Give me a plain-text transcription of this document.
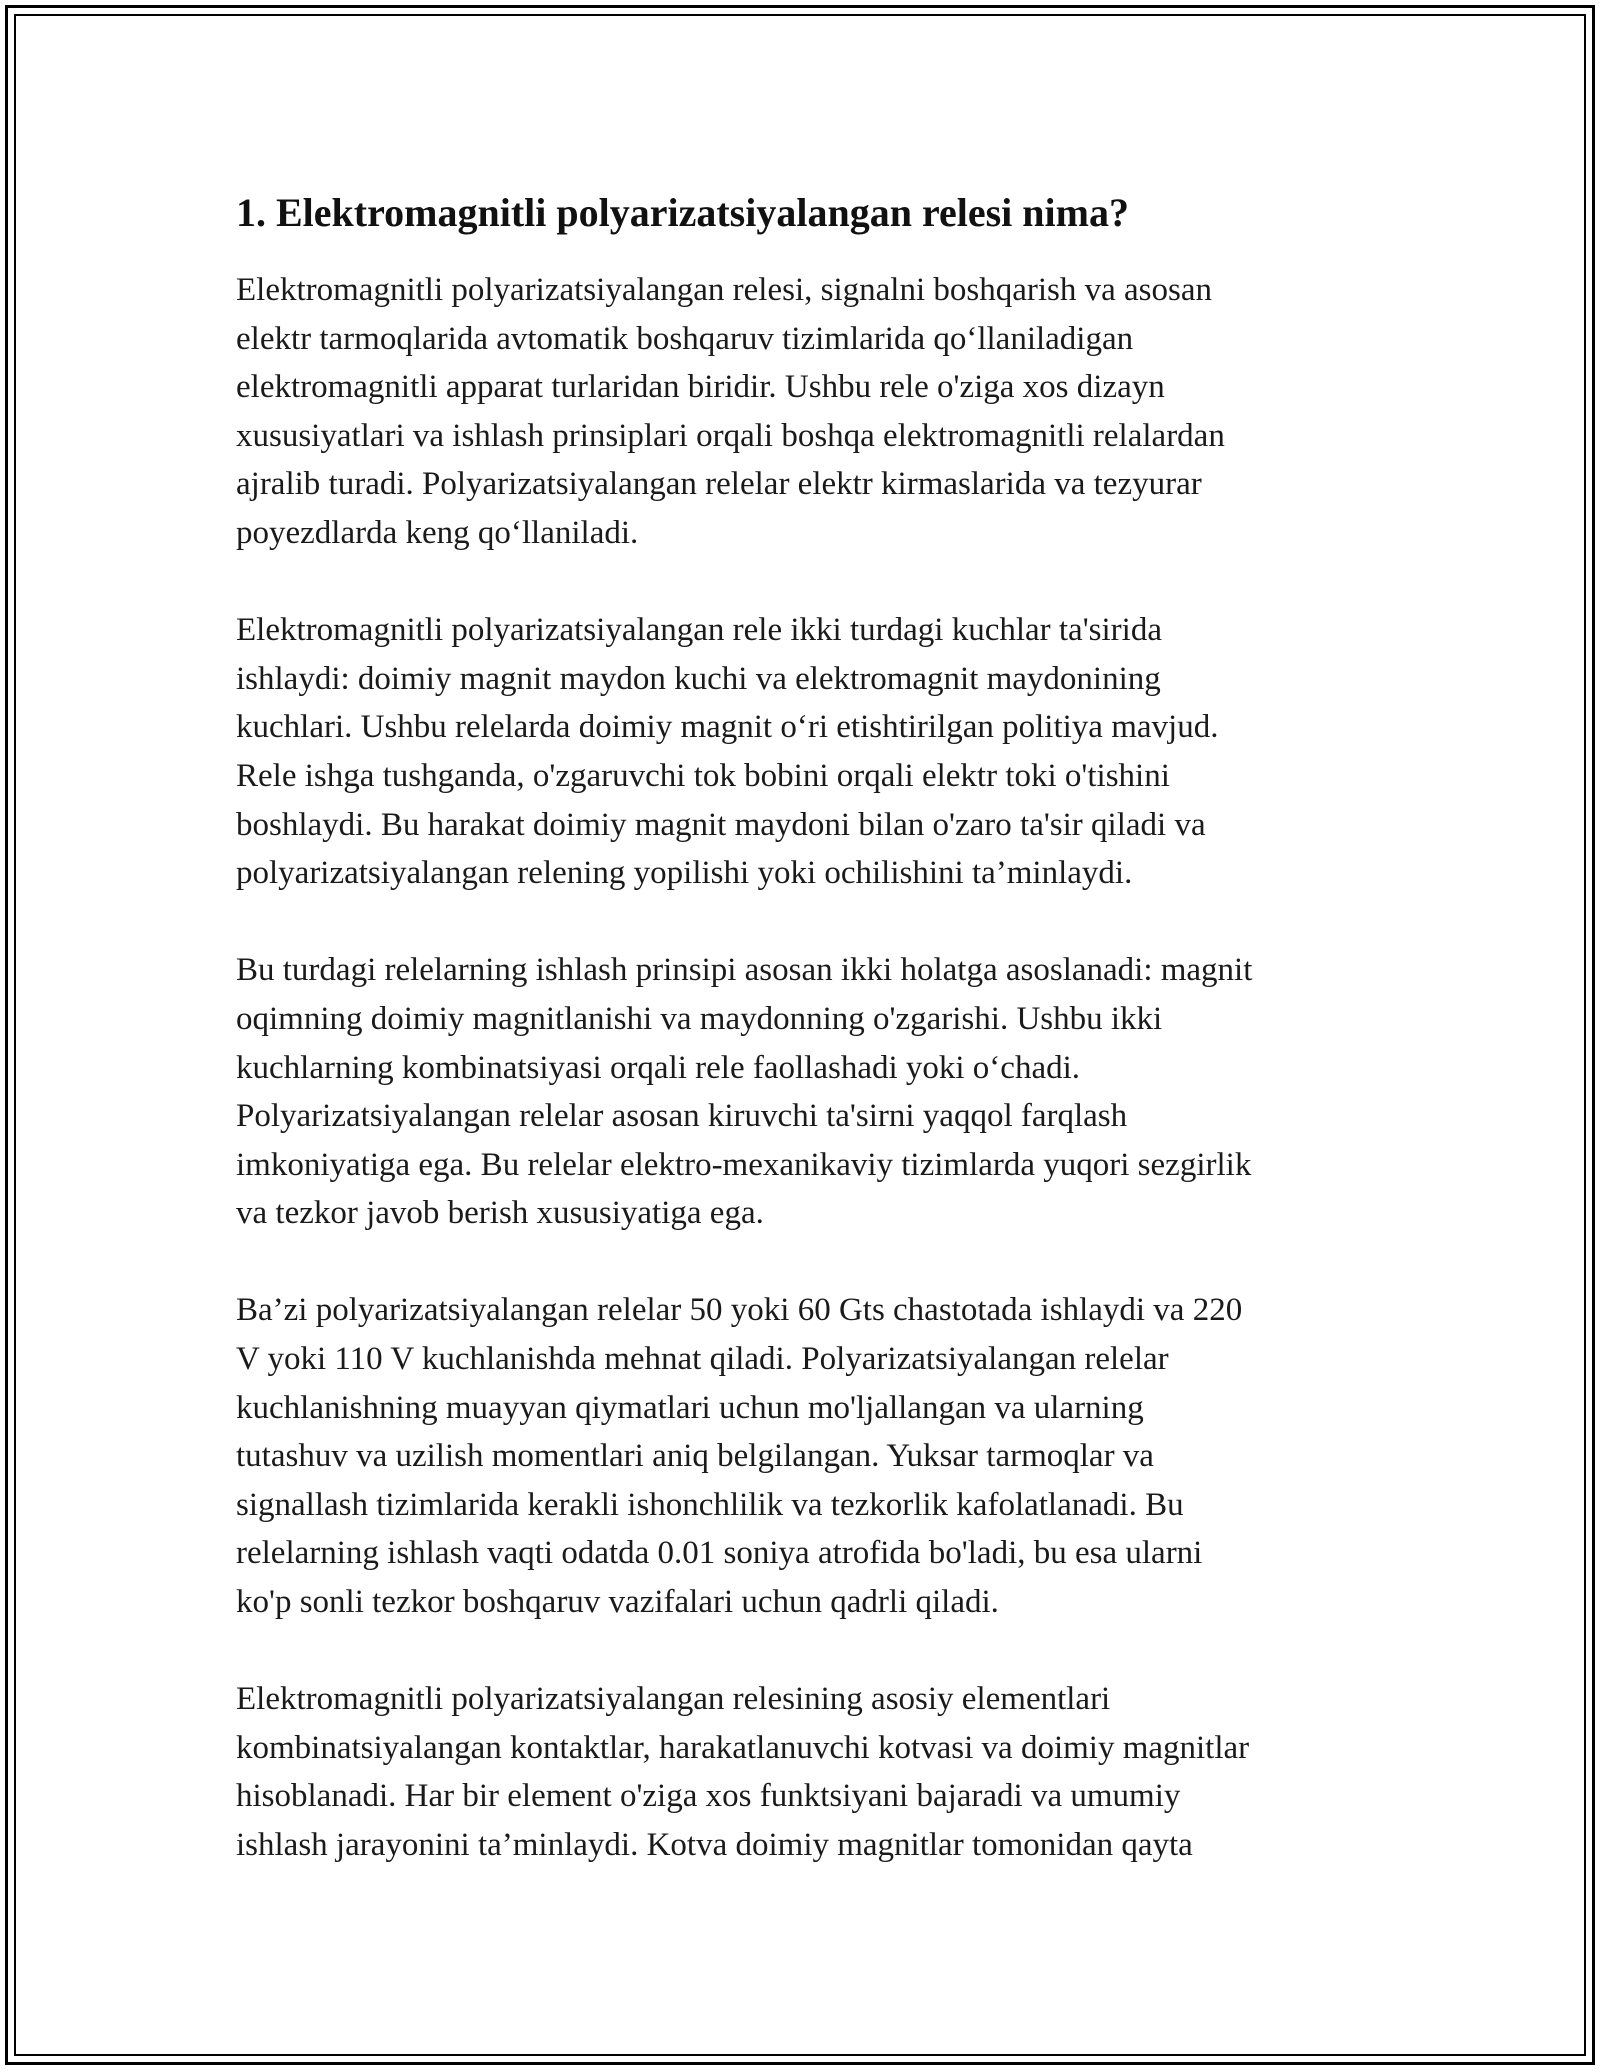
1. Elektromagnitli polyarizatsiyalangan relesi nima?

Elektromagnitli polyarizatsiyalangan relesi, signalni boshqarish va asosan
elektr tarmoqlarida avtomatik boshqaruv tizimlarida qo‘llaniladigan
elektromagnitli apparat turlaridan biridir. Ushbu rele o'ziga xos dizayn
xususiyatlari va ishlash prinsiplari orqali boshqa elektromagnitli relalardan
ajralib turadi. Polyarizatsiyalangan relelar elektr kirmaslarida va tezyurar
poyezdlarda keng qo‘llaniladi.

Elektromagnitli polyarizatsiyalangan rele ikki turdagi kuchlar ta'sirida
ishlaydi: doimiy magnit maydon kuchi va elektromagnit maydonining
kuchlari. Ushbu relelarda doimiy magnit o‘ri etishtirilgan politiya mavjud.
Rele ishga tushganda, o'zgaruvchi tok bobini orqali elektr toki o'tishini
boshlaydi. Bu harakat doimiy magnit maydoni bilan o'zaro ta'sir qiladi va
polyarizatsiyalangan relening yopilishi yoki ochilishini ta’minlaydi.

Bu turdagi relelarning ishlash prinsipi asosan ikki holatga asoslanadi: magnit
oqimning doimiy magnitlanishi va maydonning o'zgarishi. Ushbu ikki
kuchlarning kombinatsiyasi orqali rele faollashadi yoki o‘chadi.
Polyarizatsiyalangan relelar asosan kiruvchi ta'sirni yaqqol farqlash
imkoniyatiga ega. Bu relelar elektro-mexanikaviy tizimlarda yuqori sezgirlik
va tezkor javob berish xususiyatiga ega.

Ba’zi polyarizatsiyalangan relelar 50 yoki 60 Gts chastotada ishlaydi va 220
V yoki 110 V kuchlanishda mehnat qiladi. Polyarizatsiyalangan relelar
kuchlanishning muayyan qiymatlari uchun mo'ljallangan va ularning
tutashuv va uzilish momentlari aniq belgilangan. Yuksar tarmoqlar va
signallash tizimlarida kerakli ishonchlilik va tezkorlik kafolatlanadi. Bu
relelarning ishlash vaqti odatda 0.01 soniya atrofida bo'ladi, bu esa ularni
ko'p sonli tezkor boshqaruv vazifalari uchun qadrli qiladi.

Elektromagnitli polyarizatsiyalangan relesining asosiy elementlari
kombinatsiyalangan kontaktlar, harakatlanuvchi kotvasi va doimiy magnitlar
hisoblanadi. Har bir element o'ziga xos funktsiyani bajaradi va umumiy
ishlash jarayonini ta’minlaydi. Kotva doimiy magnitlar tomonidan qayta
